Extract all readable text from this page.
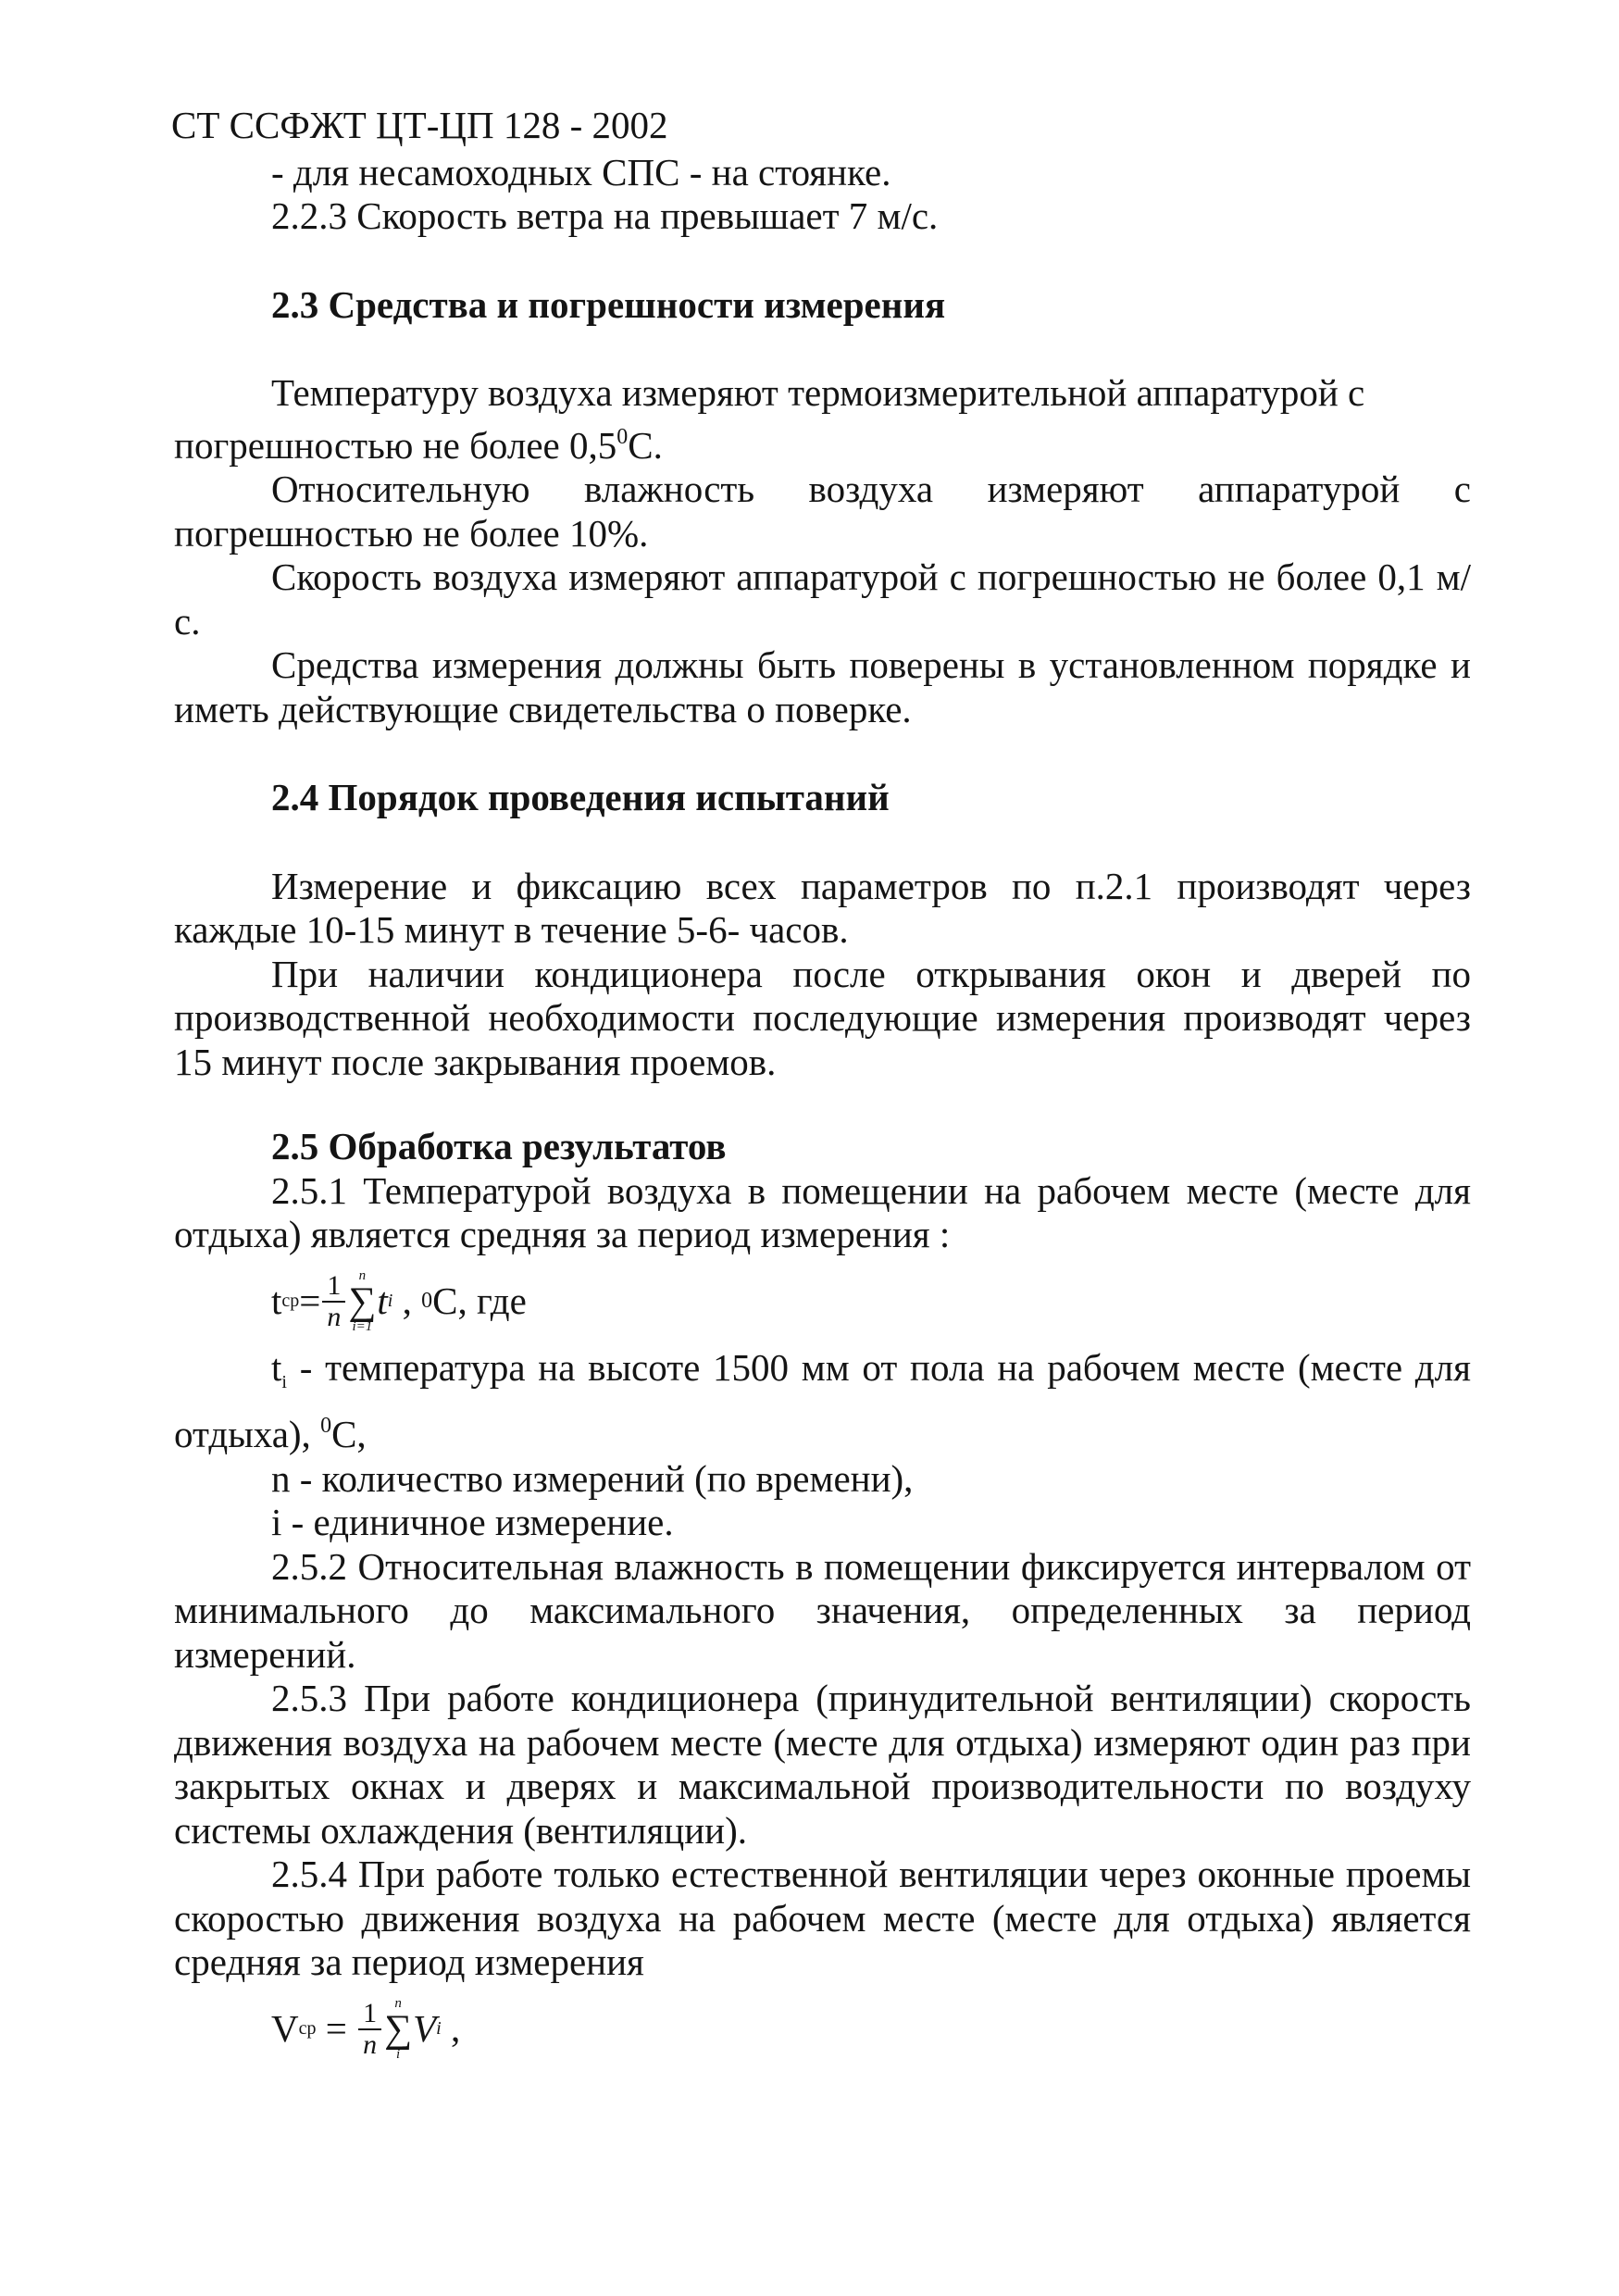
СТ ССФЖТ ЦТ-ЦП 128 - 2002

- для несамоходных СПС - на стоянке.

2.2.3 Скорость ветра на превышает 7 м/с.

2.3 Средства и погрешности измерения

Температуру воздуха измеряют термоизмерительной аппаратурой с
погрешностью не более $0,5^0С$.

Относительную влажность воздуха измеряют аппаратурой с погрешностью не более 10%.

Скорость воздуха измеряют аппаратурой с погрешностью не более 0,1 м/с.

Средства измерения должны быть поверены в установленном порядке и иметь действующие свидетельства о поверке.

2.4 Порядок проведения испытаний

Измерение и фиксацию всех параметров по п.2.1 производят через каждые 10-15 минут в течение 5-6- часов.

При наличии кондиционера после открывания окон и дверей по производственной необходимости последующие измерения производят через 15 минут после закрывания проемов.

2.5 Обработка результатов

2.5.1 Температурой воздуха в помещении на рабочем месте (месте для отдыха) является средняя за период измерения :

t ср = $\frac{1}{n}$ n
∑
i=1
t i , 0 С, где

$t_i$ - температура на высоте 1500 мм от пола на рабочем месте (месте для отдыха), $^0$С,

n - количество измерений (по времени),

i - единичное измерение.

2.5.2 Относительная влажность в помещении фиксируется интервалом от минимального до максимального значения, определенных за период измерений.

2.5.3 При работе кондиционера (принудительной вентиляции) скорость движения воздуха на рабочем месте (месте для отдыха) измеряют один раз при закрытых окнах и дверях и максимальной производительности по воздуху системы охлаждения (вентиляции).

2.5.4 При работе только естественной вентиляции через оконные проемы скоростью движения воздуха на рабочем месте (месте для отдыха) является средняя за период измерения

V ср = $\frac{1}{n}$ n
∑
i
V i ,
